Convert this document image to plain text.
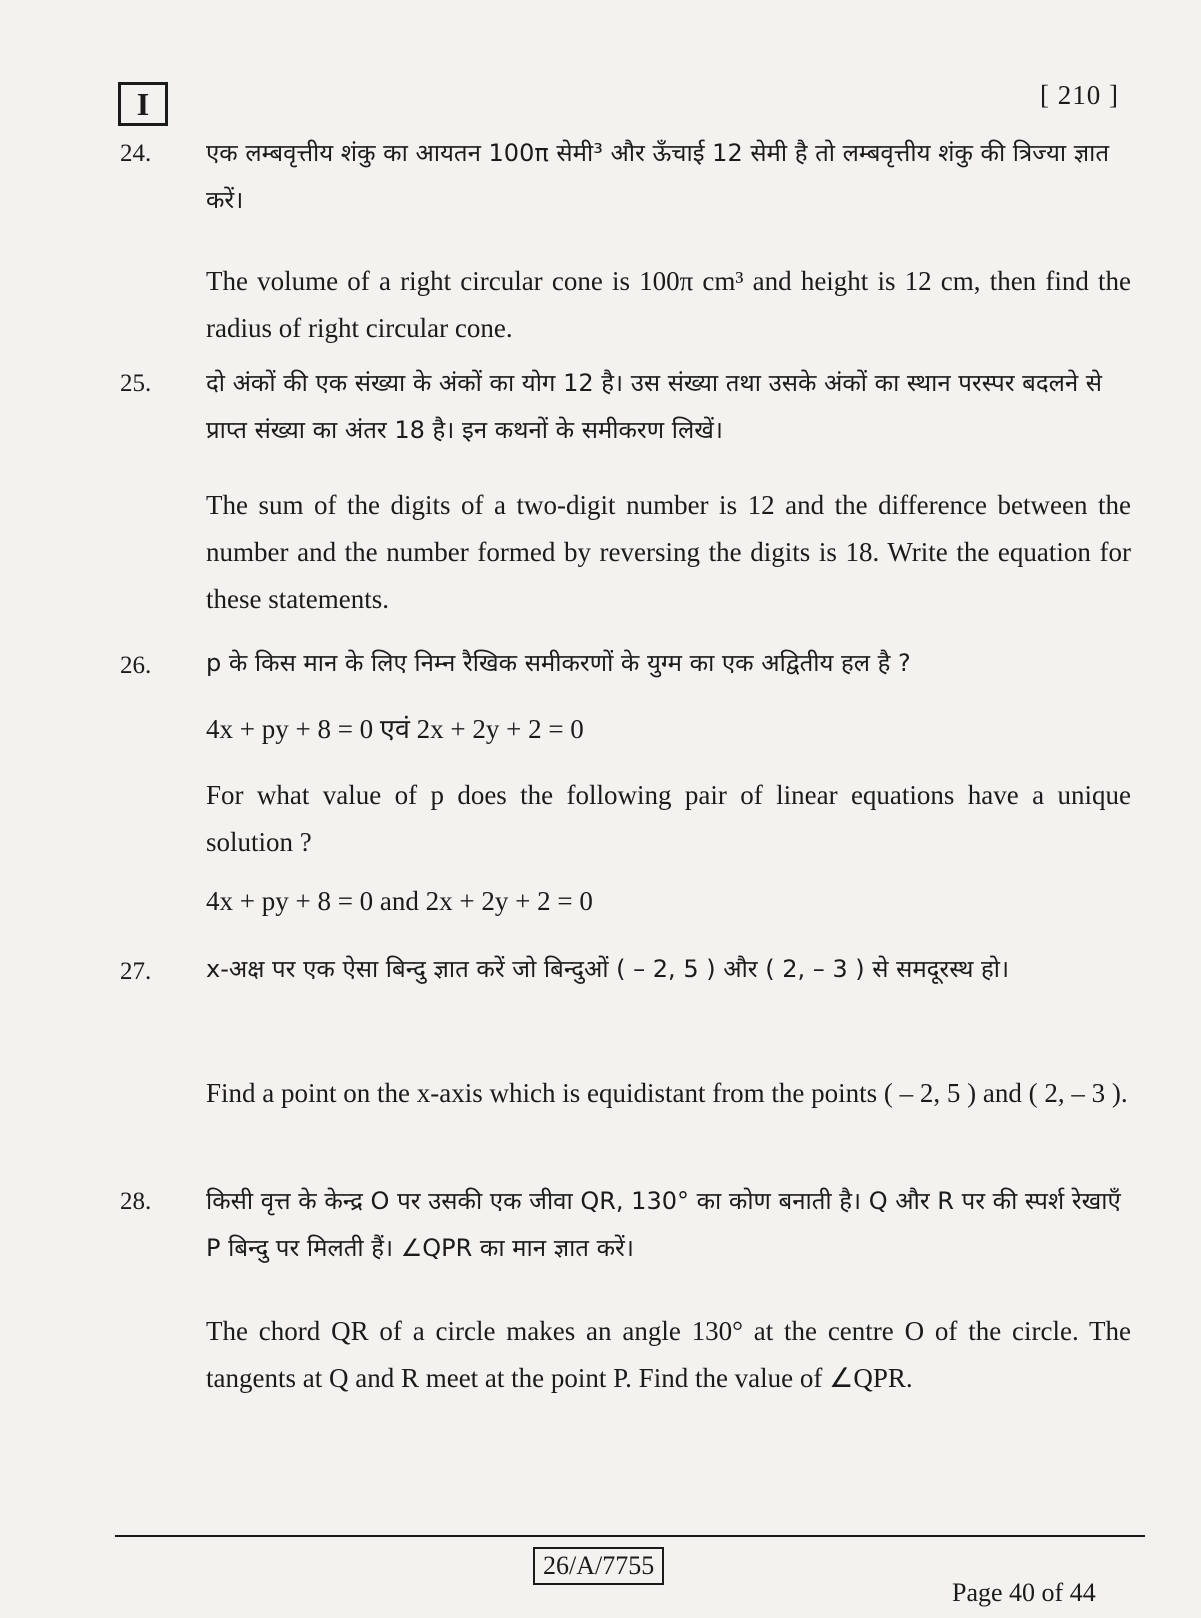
I	[ 210 ]
24. एक लम्बवृत्तीय शंकु का आयतन 100π सेमी³ और ऊँचाई 12 सेमी है तो लम्बवृत्तीय शंकु की त्रिज्या ज्ञात करें।
The volume of a right circular cone is 100π cm³ and height is 12 cm, then find the radius of right circular cone.
25. दो अंकों की एक संख्या के अंकों का योग 12 है। उस संख्या तथा उसके अंकों का स्थान परस्पर बदलने से प्राप्त संख्या का अंतर 18 है। इन कथनों के समीकरण लिखें।
The sum of the digits of a two-digit number is 12 and the difference between the number and the number formed by reversing the digits is 18. Write the equation for these statements.
26. p के किस मान के लिए निम्न रैखिक समीकरणों के युग्म का एक अद्वितीय हल है ?
4x + py + 8 = 0 एवं 2x + 2y + 2 = 0
For what value of p does the following pair of linear equations have a unique solution ?
4x + py + 8 = 0 and 2x + 2y + 2 = 0
27. x-अक्ष पर एक ऐसा बिन्दु ज्ञात करें जो बिन्दुओं ( – 2, 5 ) और ( 2, – 3 ) से समदूरस्थ हो।
Find a point on the x-axis which is equidistant from the points ( – 2, 5 ) and ( 2, – 3 ).
28. किसी वृत्त के केन्द्र O पर उसकी एक जीवा QR, 130° का कोण बनाती है। Q और R पर की स्पर्श रेखाएँ P बिन्दु पर मिलती हैं। ∠QPR का मान ज्ञात करें।
The chord QR of a circle makes an angle 130° at the centre O of the circle. The tangents at Q and R meet at the point P. Find the value of ∠QPR.
26/A/7755
Page 40 of 44
